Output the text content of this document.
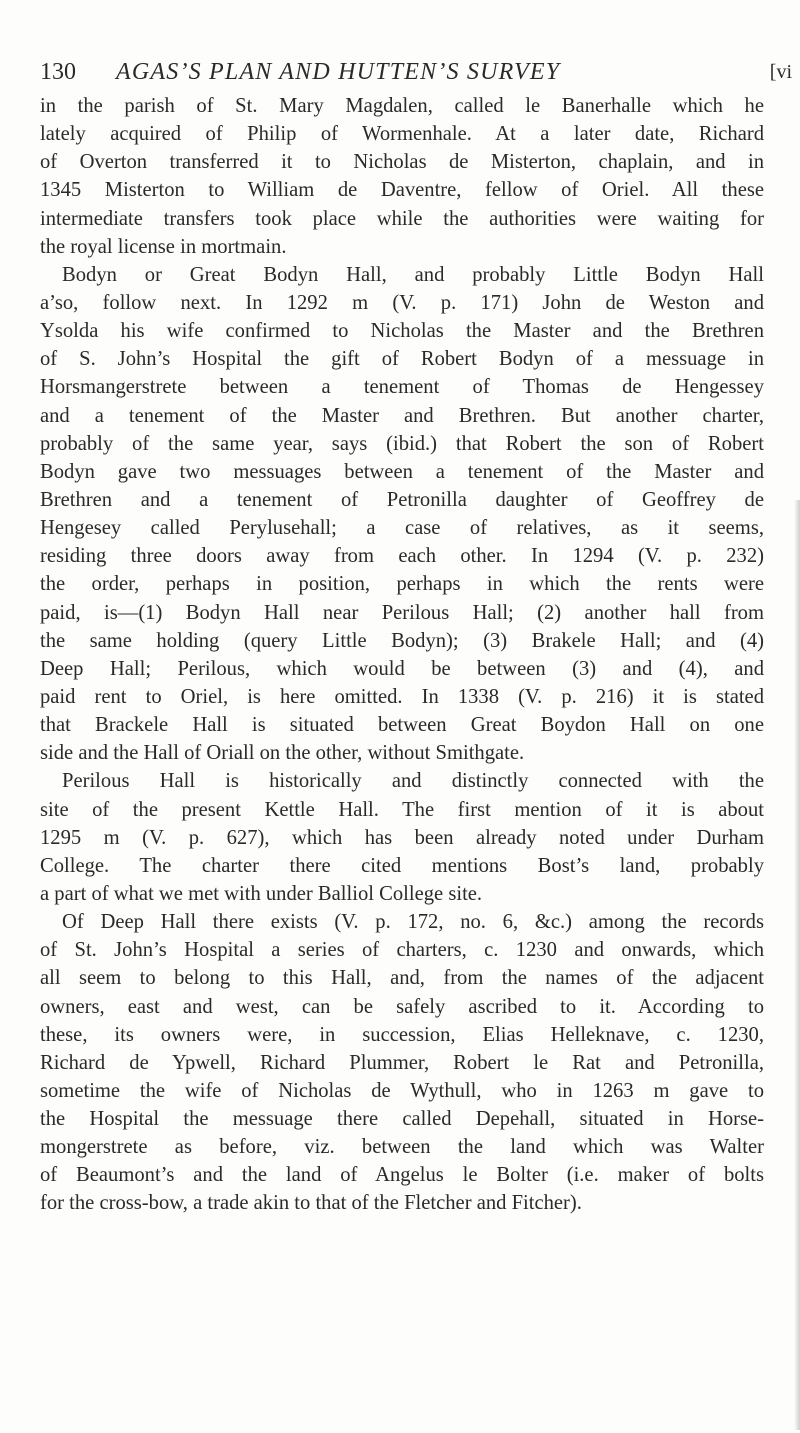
130 AGAS’S PLAN AND HUTTEN’S SURVEY	[vi
in the parish of St. Mary Magdalen, called le Banerhalle which he
lately acquired of Philip of Wormenhale. At a later date, Richard
of Overton transferred it to Nicholas de Misterton, chaplain, and in
1345 Misterton to William de Daventre, fellow of Oriel. All these
intermediate transfers took place while the authorities were waiting for
the royal license in mortmain.
Bodyn or Great Bodyn Hall, and probably Little Bodyn Hall
a’so, follow next. In 1292 m (V. p. 171) John de Weston and
Ysolda his wife confirmed to Nicholas the Master and the Brethren
of S. John’s Hospital the gift of Robert Bodyn of a messuage in
Horsmangerstrete between a tenement of Thomas de Hengessey
and a tenement of the Master and Brethren. But another charter,
probably of the same year, says (ibid.) that Robert the son of Robert
Bodyn gave two messuages between a tenement of the Master and
Brethren and a tenement of Petronilla daughter of Geoffrey de
Hengesey called Perylusehall; a case of relatives, as it seems,
residing three doors away from each other. In 1294 (V. p. 232)
the order, perhaps in position, perhaps in which the rents were
paid, is—(1) Bodyn Hall near Perilous Hall; (2) another hall from
the same holding (query Little Bodyn); (3) Brakele Hall; and (4)
Deep Hall; Perilous, which would be between (3) and (4), and
paid rent to Oriel, is here omitted. In 1338 (V. p. 216) it is stated
that Brackele Hall is situated between Great Boydon Hall on one
side and the Hall of Oriall on the other, without Smithgate.
Perilous Hall is historically and distinctly connected with the
site of the present Kettle Hall. The first mention of it is about
1295 m (V. p. 627), which has been already noted under Durham
College. The charter there cited mentions Bost’s land, probably
a part of what we met with under Balliol College site.
Of Deep Hall there exists (V. p. 172, no. 6, &c.) among the records
of St. John’s Hospital a series of charters, c. 1230 and onwards, which
all seem to belong to this Hall, and, from the names of the adjacent
owners, east and west, can be safely ascribed to it. According to
these, its owners were, in succession, Elias Helleknave, c. 1230,
Richard de Ypwell, Richard Plummer, Robert le Rat and Petronilla,
sometime the wife of Nicholas de Wythull, who in 1263 m gave to
the Hospital the messuage there called Depehall, situated in Horse-
mongerstrete as before, viz. between the land which was Walter
of Beaumont’s and the land of Angelus le Bolter (i.e. maker of bolts
for the cross-bow, a trade akin to that of the Fletcher and Fitcher).
